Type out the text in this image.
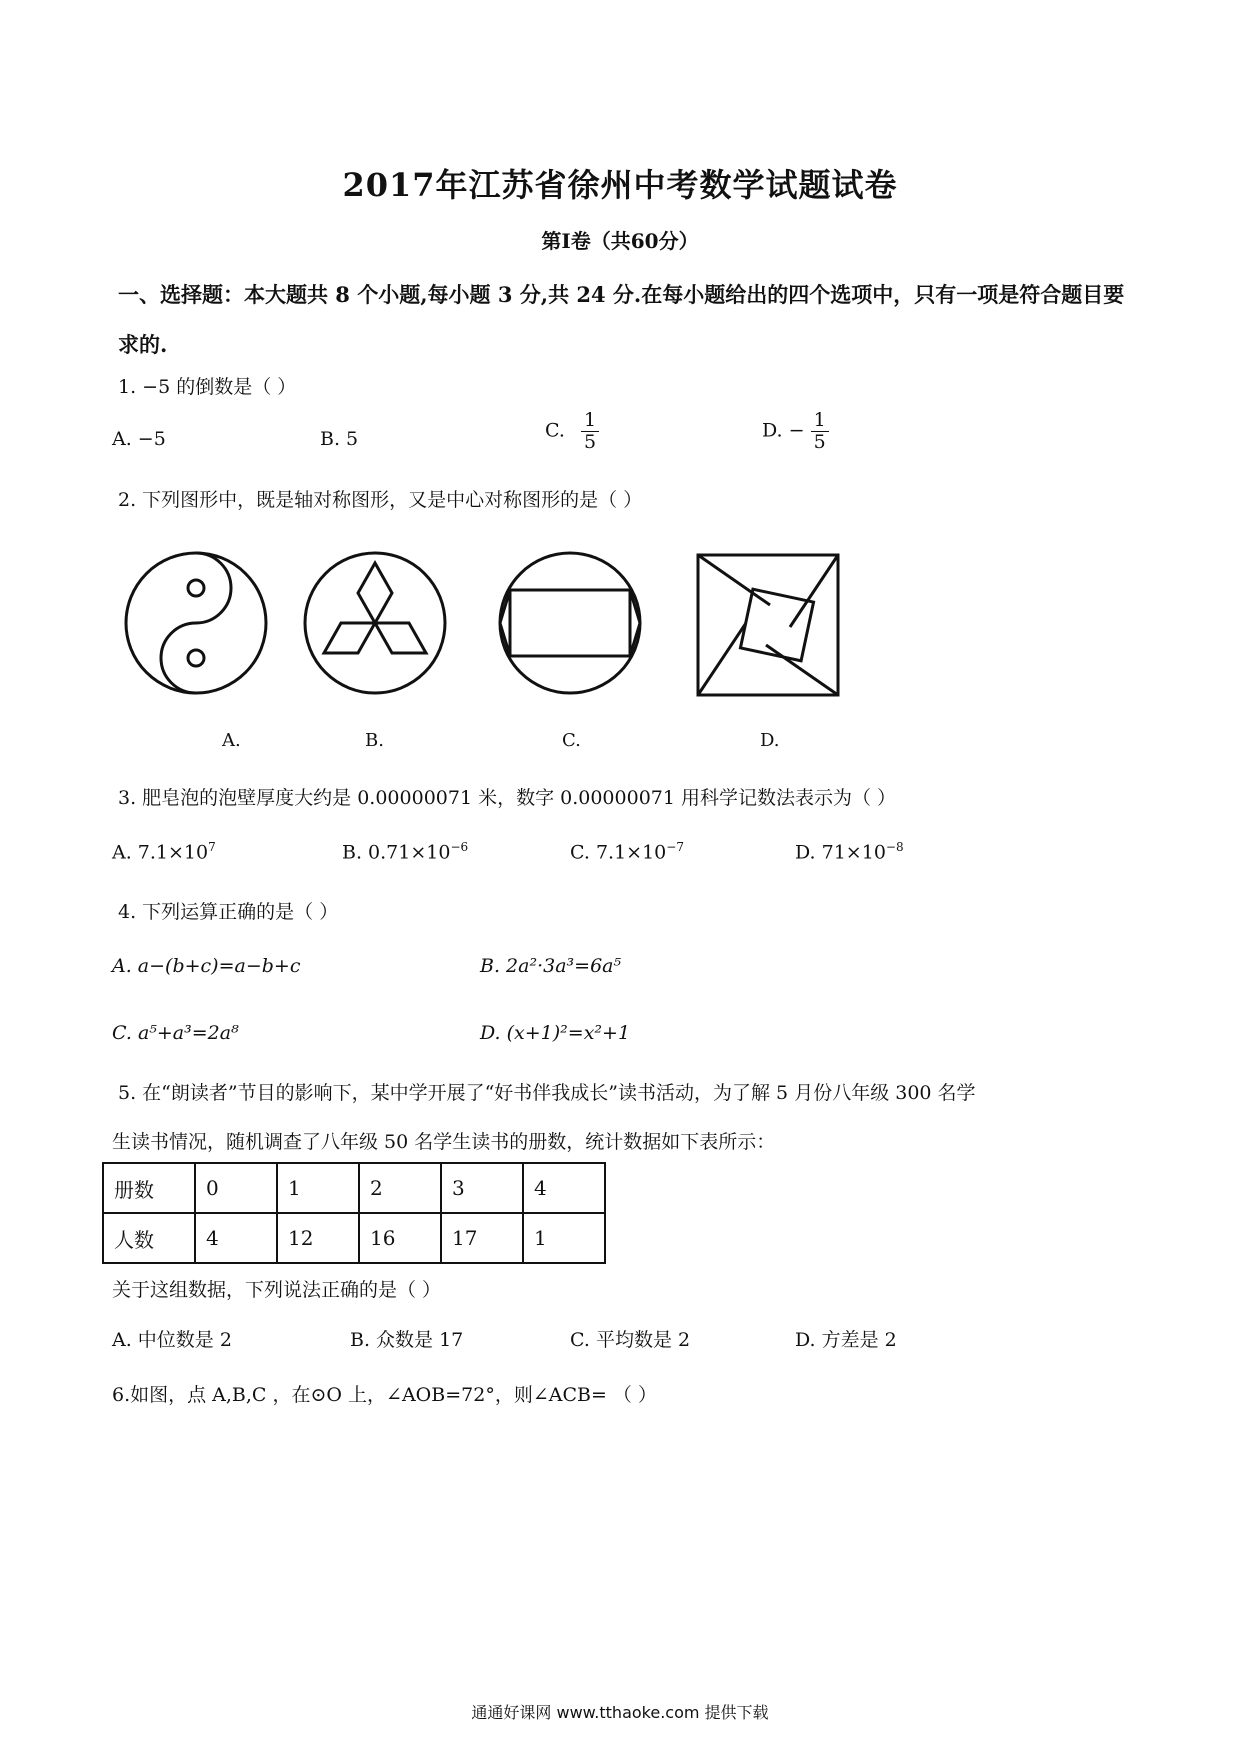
2017年江苏省徐州中考数学试题试卷
第Ⅰ卷（共60分）
一、选择题：本大题共 8 个小题,每小题 3 分,共 24 分.在每小题给出的四个选项中，只有一项是符合题目要求的.
1. −5 的倒数是（ ）
A. −5	B. 5	C. $\frac{1}{5}$	D. − $\frac{1}{5}$
2. 下列图形中，既是轴对称图形，又是中心对称图形的是（ ）
A.	B.	C.	D.
3. 肥皂泡的泡壁厚度大约是 0.00000071 米，数字 0.00000071 用科学记数法表示为（ ）
A. $7.1\times 10^7$	B. $0.71\times 10^{-6}$	C. $7.1\times 10^{-7}$	D. $71\times 10^{-8}$
4. 下列运算正确的是（ ）
A. a−(b+c)=a−b+c	B. 2a²·3a³=6a⁵
C. a⁵+a³=2a⁸	D. (x+1)²=x²+1
5. 在“朗读者”节目的影响下，某中学开展了“好书伴我成长”读书活动，为了解 5 月份八年级 300 名学
生读书情况，随机调查了八年级 50 名学生读书的册数，统计数据如下表所示：
册数	0	1	2	3	4
人数	4	12	16	17	1
关于这组数据，下列说法正确的是（ ）
A. 中位数是 2	B. 众数是 17	C. 平均数是 2	D. 方差是 2
6.如图，点 A,B,C ，在⊙O 上，∠AOB=72°，则∠ACB= （ ）
通通好课网 www.tthaoke.com 提供下载
